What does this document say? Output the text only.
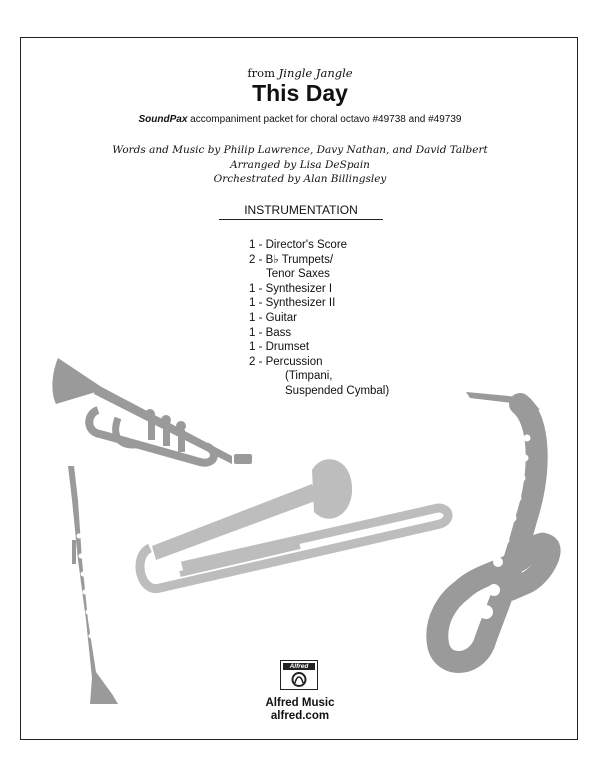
from Jingle Jangle
This Day
SoundPax accompaniment packet for choral octavo #49738 and #49739
Words and Music by Philip Lawrence, Davy Nathan, and David Talbert
Arranged by Lisa DeSpain
Orchestrated by Alan Billingsley
INSTRUMENTATION
1 - Director's Score
2 - B♭ Trumpets/
Tenor Saxes
1 - Synthesizer I
1 - Synthesizer II
1 - Guitar
1 - Bass
1 - Drumset
2 - Percussion
(Timpani,
Suspended Cymbal)
Alfred
Alfred Music
alfred.com
